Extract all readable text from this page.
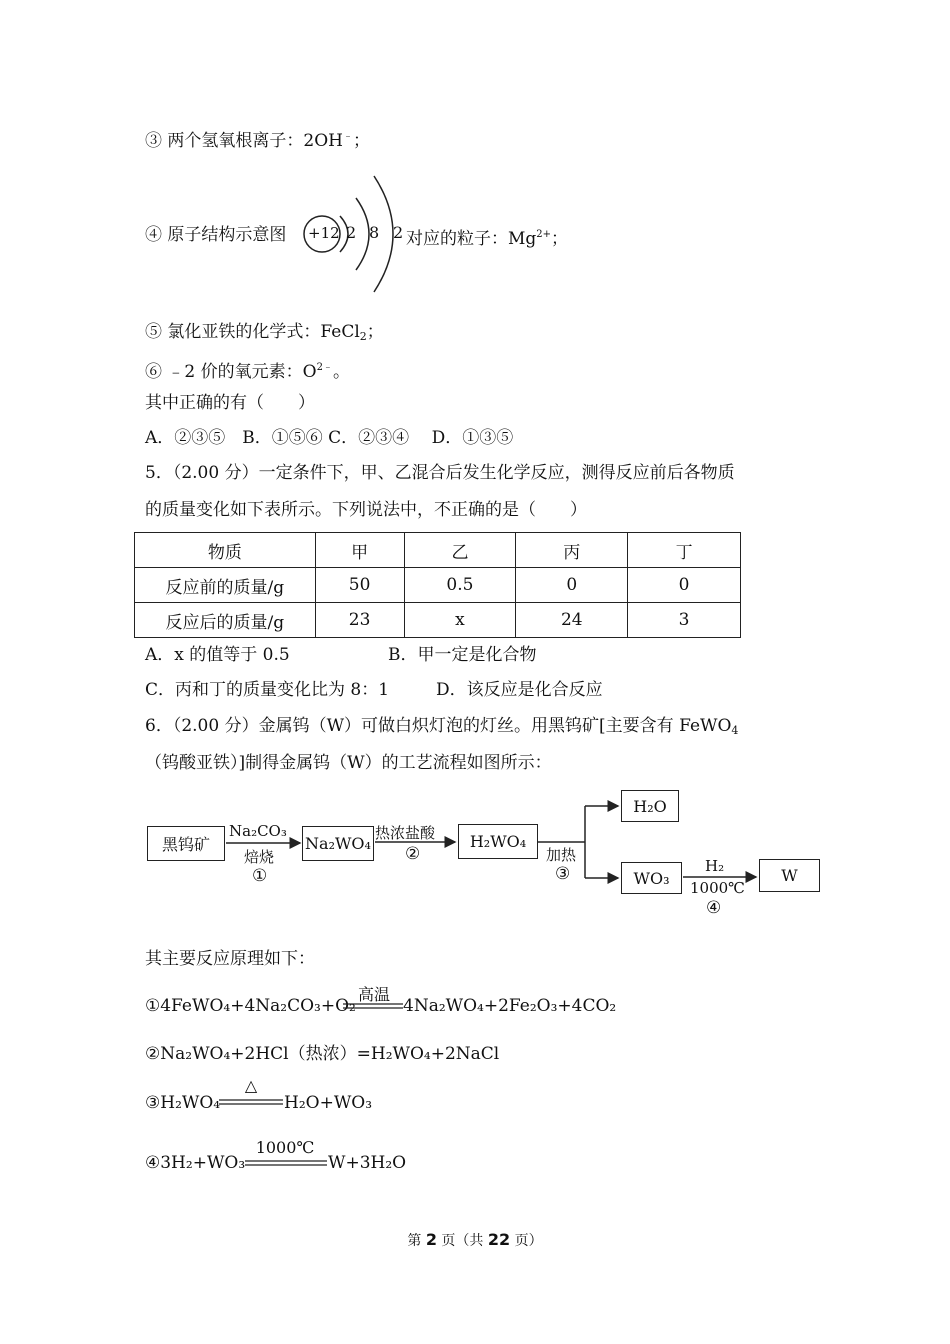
③ 两个氢氧根离子：2OH﹣；
④ 原子结构示意图 +12 2 8 2 对应的粒子：$Mg^{2+}$；
⑤ 氯化亚铁的化学式：FeCl$_2$；
⑥ ﹣2 价的氧元素：$O^{2﹣}$。
其中正确的有（　　）
A．②③⑤　B．①⑤⑥ C．②③④　 D．①③⑤
5．（2.00 分）一定条件下，甲、乙混合后发生化学反应，测得反应前后各物质
的质量变化如下表所示。下列说法中，不正确的是（　　）
物质	甲	乙	丙	丁
反应前的质量/g	50	0.5	0	0
反应后的质量/g	23	x	24	3
A．x 的值等于 0.5	B．甲一定是化合物
C．丙和丁的质量变化比为 8：1	D．该反应是化合反应
6．（2.00 分）金属钨（W）可做白炽灯泡的灯丝。用黑钨矿[主要含有 FeWO$_4$
（钨酸亚铁）]制得金属钨（W）的工艺流程如图所示：
黑钨矿	Na₂WO₄	H₂WO₄
H₂O
WO₃	W
Na₂CO₃
焙烧
①
热浓盐酸
②	加热
③	H₂
1000℃
④
其主要反应原理如下：
①4FeWO₄+4Na₂CO₃+O₂
高温
4Na₂WO₄+2Fe₂O₃+4CO₂
②Na₂WO₄+2HCl（热浓）=H₂WO₄+2NaCl
③H₂WO₄
△
H₂O+WO₃
④3H₂+WO₃
1000℃
W+3H₂O
第 2 页（共 22 页）
